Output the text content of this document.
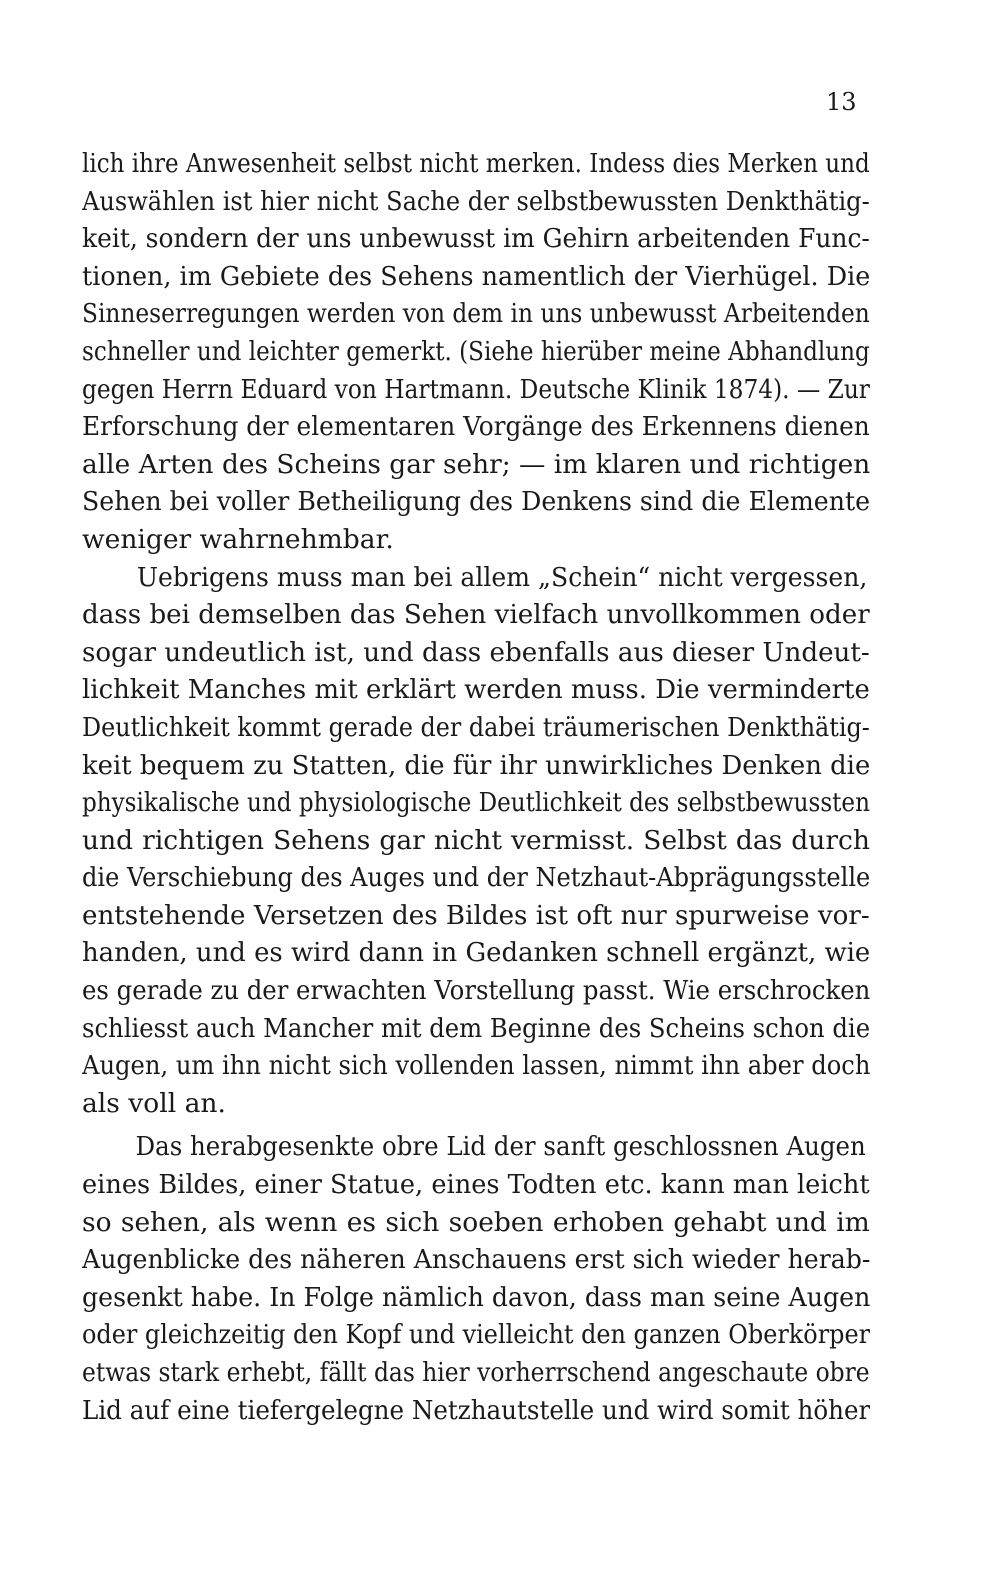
13
lich ihre Anwesenheit selbst nicht merken. Indess dies Merken und
Auswählen ist hier nicht Sache der selbstbewussten Denkthätig-
keit, sondern der uns unbewusst im Gehirn arbeitenden Func-
tionen, im Gebiete des Sehens namentlich der Vierhügel. Die
Sinneserregungen werden von dem in uns unbewusst Arbeitenden
schneller und leichter gemerkt. (Siehe hierüber meine Abhandlung
gegen Herrn Eduard von Hartmann. Deutsche Klinik 1874). — Zur
Erforschung der elementaren Vorgänge des Erkennens dienen
alle Arten des Scheins gar sehr; — im klaren und richtigen
Sehen bei voller Betheiligung des Denkens sind die Elemente
weniger wahrnehmbar.
Uebrigens muss man bei allem „Schein“ nicht vergessen,
dass bei demselben das Sehen vielfach unvollkommen oder
sogar undeutlich ist, und dass ebenfalls aus dieser Undeut-
lichkeit Manches mit erklärt werden muss. Die verminderte
Deutlichkeit kommt gerade der dabei träumerischen Denkthätig-
keit bequem zu Statten, die für ihr unwirkliches Denken die
physikalische und physiologische Deutlichkeit des selbstbewussten
und richtigen Sehens gar nicht vermisst. Selbst das durch
die Verschiebung des Auges und der Netzhaut-Abprägungsstelle
entstehende Versetzen des Bildes ist oft nur spurweise vor-
handen, und es wird dann in Gedanken schnell ergänzt, wie
es gerade zu der erwachten Vorstellung passt. Wie erschrocken
schliesst auch Mancher mit dem Beginne des Scheins schon die
Augen, um ihn nicht sich vollenden lassen, nimmt ihn aber doch
als voll an.
Das herabgesenkte obre Lid der sanft geschlossnen Augen
eines Bildes, einer Statue, eines Todten etc. kann man leicht
so sehen, als wenn es sich soeben erhoben gehabt und im
Augenblicke des näheren Anschauens erst sich wieder herab-
gesenkt habe. In Folge nämlich davon, dass man seine Augen
oder gleichzeitig den Kopf und vielleicht den ganzen Oberkörper
etwas stark erhebt, fällt das hier vorherrschend angeschaute obre
Lid auf eine tiefergelegne Netzhautstelle und wird somit höher
